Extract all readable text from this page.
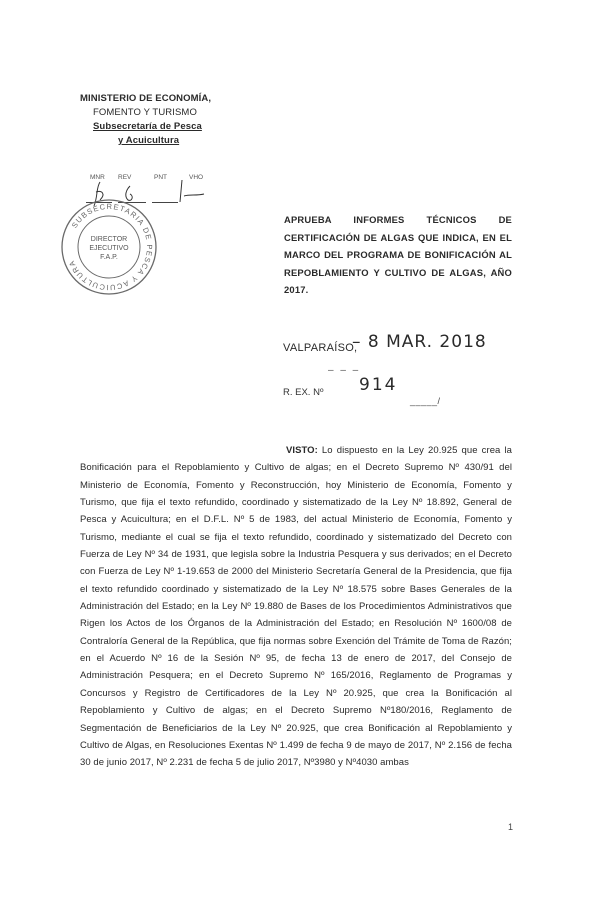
MINISTERIO DE ECONOMÍA,
FOMENTO Y TURISMO
Subsecretaría de Pesca
y Acuicultura
MNR REV	PNT	VHO
SUBSECRETARIA DE PESCA Y ACUICULTURA
DIRECTOR
EJECUTIVO
F.A.P.
APRUEBA INFORMES TÉCNICOS DE CERTIFICACIÓN DE ALGAS QUE INDICA, EN EL MARCO DEL PROGRAMA DE BONIFICACIÓN AL REPOBLAMIENTO Y CULTIVO DE ALGAS, AÑO 2017.
VALPARAÍSO,
– 8 MAR. 2018
– – –
R. EX. Nº 914
_____/
VISTO: Lo dispuesto en la Ley 20.925 que crea la Bonificación para el Repoblamiento y Cultivo de algas; en el Decreto Supremo Nº 430/91 del Ministerio de Economía, Fomento y Reconstrucción, hoy Ministerio de Economía, Fomento y Turismo, que fija el texto refundido, coordinado y sistematizado de la Ley Nº 18.892, General de Pesca y Acuicultura; en el D.F.L. Nº 5 de 1983, del actual Ministerio de Economía, Fomento y Turismo, mediante el cual se fija el texto refundido, coordinado y sistematizado del Decreto con Fuerza de Ley Nº 34 de 1931, que legisla sobre la Industria Pesquera y sus derivados; en el Decreto con Fuerza de Ley Nº 1-19.653 de 2000 del Ministerio Secretaría General de la Presidencia, que fija el texto refundido coordinado y sistematizado de la Ley Nº 18.575 sobre Bases Generales de la Administración del Estado; en la Ley Nº 19.880 de Bases de los Procedimientos Administrativos que Rigen los Actos de los Órganos de la Administración del Estado; en Resolución Nº 1600/08 de Contraloría General de la República, que fija normas sobre Exención del Trámite de Toma de Razón; en el Acuerdo Nº 16 de la Sesión Nº 95, de fecha 13 de enero de 2017, del Consejo de Administración Pesquera; en el Decreto Supremo Nº 165/2016, Reglamento de Programas y Concursos y Registro de Certificadores de la Ley Nº 20.925, que crea la Bonificación al Repoblamiento y Cultivo de algas; en el Decreto Supremo Nº180/2016, Reglamento de Segmentación de Beneficiarios de la Ley Nº 20.925, que crea Bonificación al Repoblamiento y Cultivo de Algas, en Resoluciones Exentas Nº 1.499 de fecha 9 de mayo de 2017, Nº 2.156 de fecha 30 de junio 2017, Nº 2.231 de fecha 5 de julio 2017, Nº3980 y Nº4030 ambas
1
